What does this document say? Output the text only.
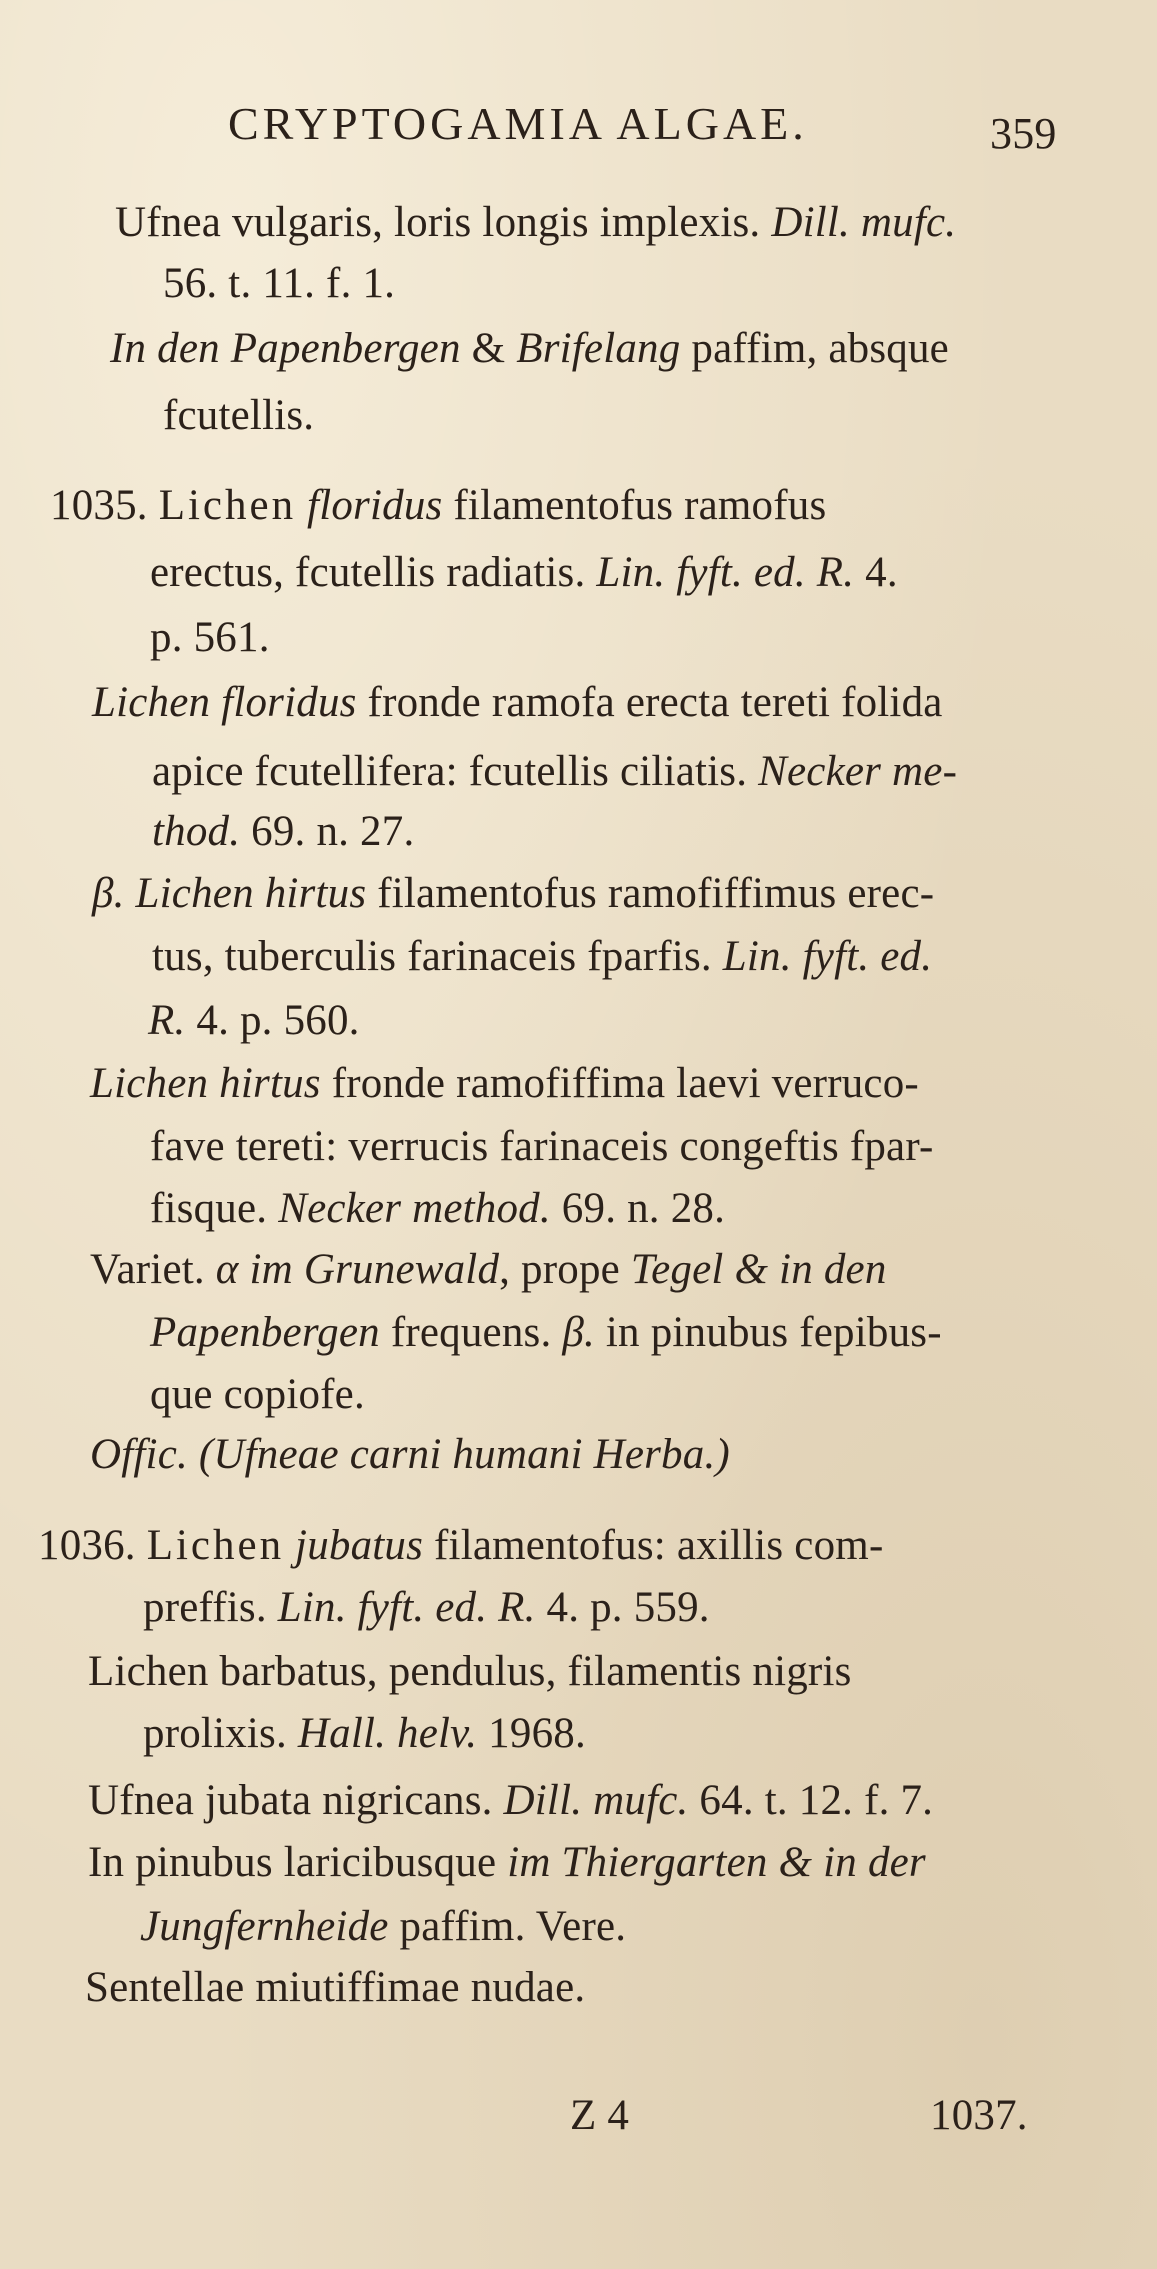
CRYPTOGAMIA ALGAE.	359
Ufnea vulgaris, loris longis implexis. Dill. mufc.
56. t. 11. f. 1.
In den Papenbergen & Brifelang paffim, absque
fcutellis.
1035. Lichen floridus filamentofus ramofus
erectus, fcutellis radiatis. Lin. fyft. ed. R. 4.
p. 561.
Lichen floridus fronde ramofa erecta tereti folida
apice fcutellifera: fcutellis ciliatis. Necker me-
thod. 69. n. 27.
β. Lichen hirtus filamentofus ramofiffimus erec-
tus, tuberculis farinaceis fparfis. Lin. fyft. ed.
R. 4. p. 560.
Lichen hirtus fronde ramofiffima laevi verruco-
fave tereti: verrucis farinaceis congeftis fpar-
fisque. Necker method. 69. n. 28.
Variet. α im Grunewald, prope Tegel & in den
Papenbergen frequens. β. in pinubus fepibus-
que copiofe.
Offic. (Ufneae carni humani Herba.)
1036. Lichen jubatus filamentofus: axillis com-
preffis. Lin. fyft. ed. R. 4. p. 559.
Lichen barbatus, pendulus, filamentis nigris
prolixis. Hall. helv. 1968.
Ufnea jubata nigricans. Dill. mufc. 64. t. 12. f. 7.
In pinubus laricibusque im Thiergarten & in der
Jungfernheide paffim. Vere.
Sentellae miutiffimae nudae.
Z 4	1037.
